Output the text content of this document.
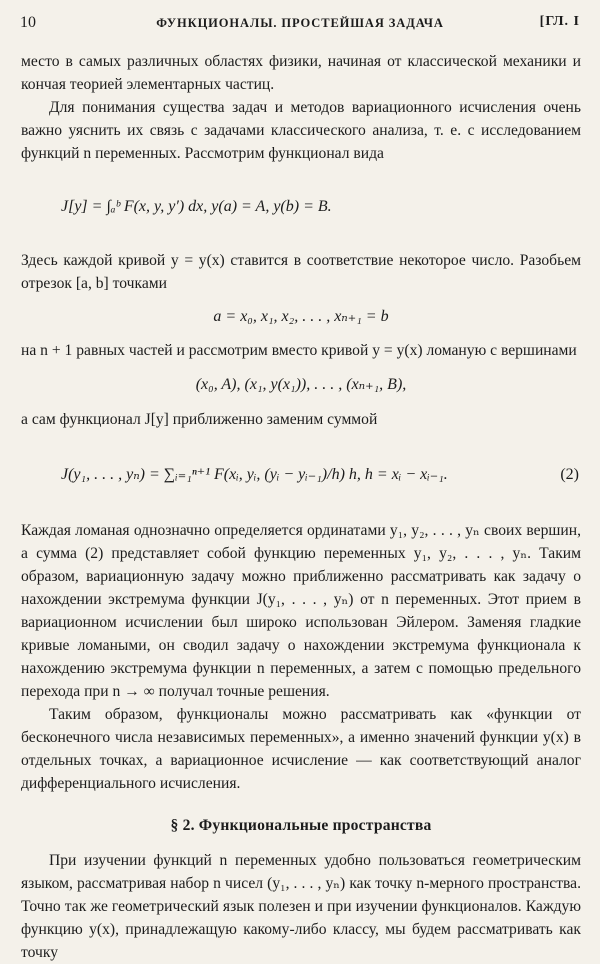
10	ФУНКЦИОНАЛЫ. ПРОСТЕЙШАЯ ЗАДАЧА	[ГЛ. I

место в самых различных областях физики, начиная от классической механики и кончая теорией элементарных частиц.

Для понимания существа задач и методов вариационного исчисления очень важно уяснить их связь с задачами классического анализа, т. е. с исследованием функций n переменных. Рассмотрим функционал вида

J[y] = ∫ₐᵇ F(x, y, y′) dx, y(a) = A, y(b) = B.

Здесь каждой кривой y = y(x) ставится в соответствие некоторое число. Разобьем отрезок [a, b] точками

a = x₀, x₁, x₂, . . . , xₙ₊₁ = b

на n + 1 равных частей и рассмотрим вместо кривой y = y(x) ломаную с вершинами

(x₀, A), (x₁, y(x₁)), . . . , (xₙ₊₁, B),

а сам функционал J[y] приближенно заменим суммой

J(y₁, . . . , yₙ) = ∑ᵢ₌₁ⁿ⁺¹ F(xᵢ, yᵢ, (yᵢ − yᵢ₋₁)/h) h, h = xᵢ − xᵢ₋₁.	(2)

Каждая ломаная однозначно определяется ординатами y₁, y₂, . . . , yₙ своих вершин, а сумма (2) представляет собой функцию переменных y₁, y₂, . . . , yₙ. Таким образом, вариационную задачу можно приближенно рассматривать как задачу о нахождении экстремума функции J(y₁, . . . , yₙ) от n переменных. Этот прием в вариационном исчислении был широко использован Эйлером. Заменяя гладкие кривые ломаными, он сводил задачу о нахождении экстремума функционала к нахождению экстремума функции n переменных, а затем с помощью предельного перехода при n → ∞ получал точные решения.

Таким образом, функционалы можно рассматривать как «функции от бесконечного числа независимых переменных», а именно значений функции y(x) в отдельных точках, а вариационное исчисление — как соответствующий аналог дифференциального исчисления.

§ 2. Функциональные пространства

При изучении функций n переменных удобно пользоваться геометрическим языком, рассматривая набор n чисел (y₁, . . . , yₙ) как точку n-мерного пространства. Точно так же геометрический язык полезен и при изучении функционалов. Каждую функцию y(x), принадлежащую какому-либо классу, мы будем рассматривать как точку
